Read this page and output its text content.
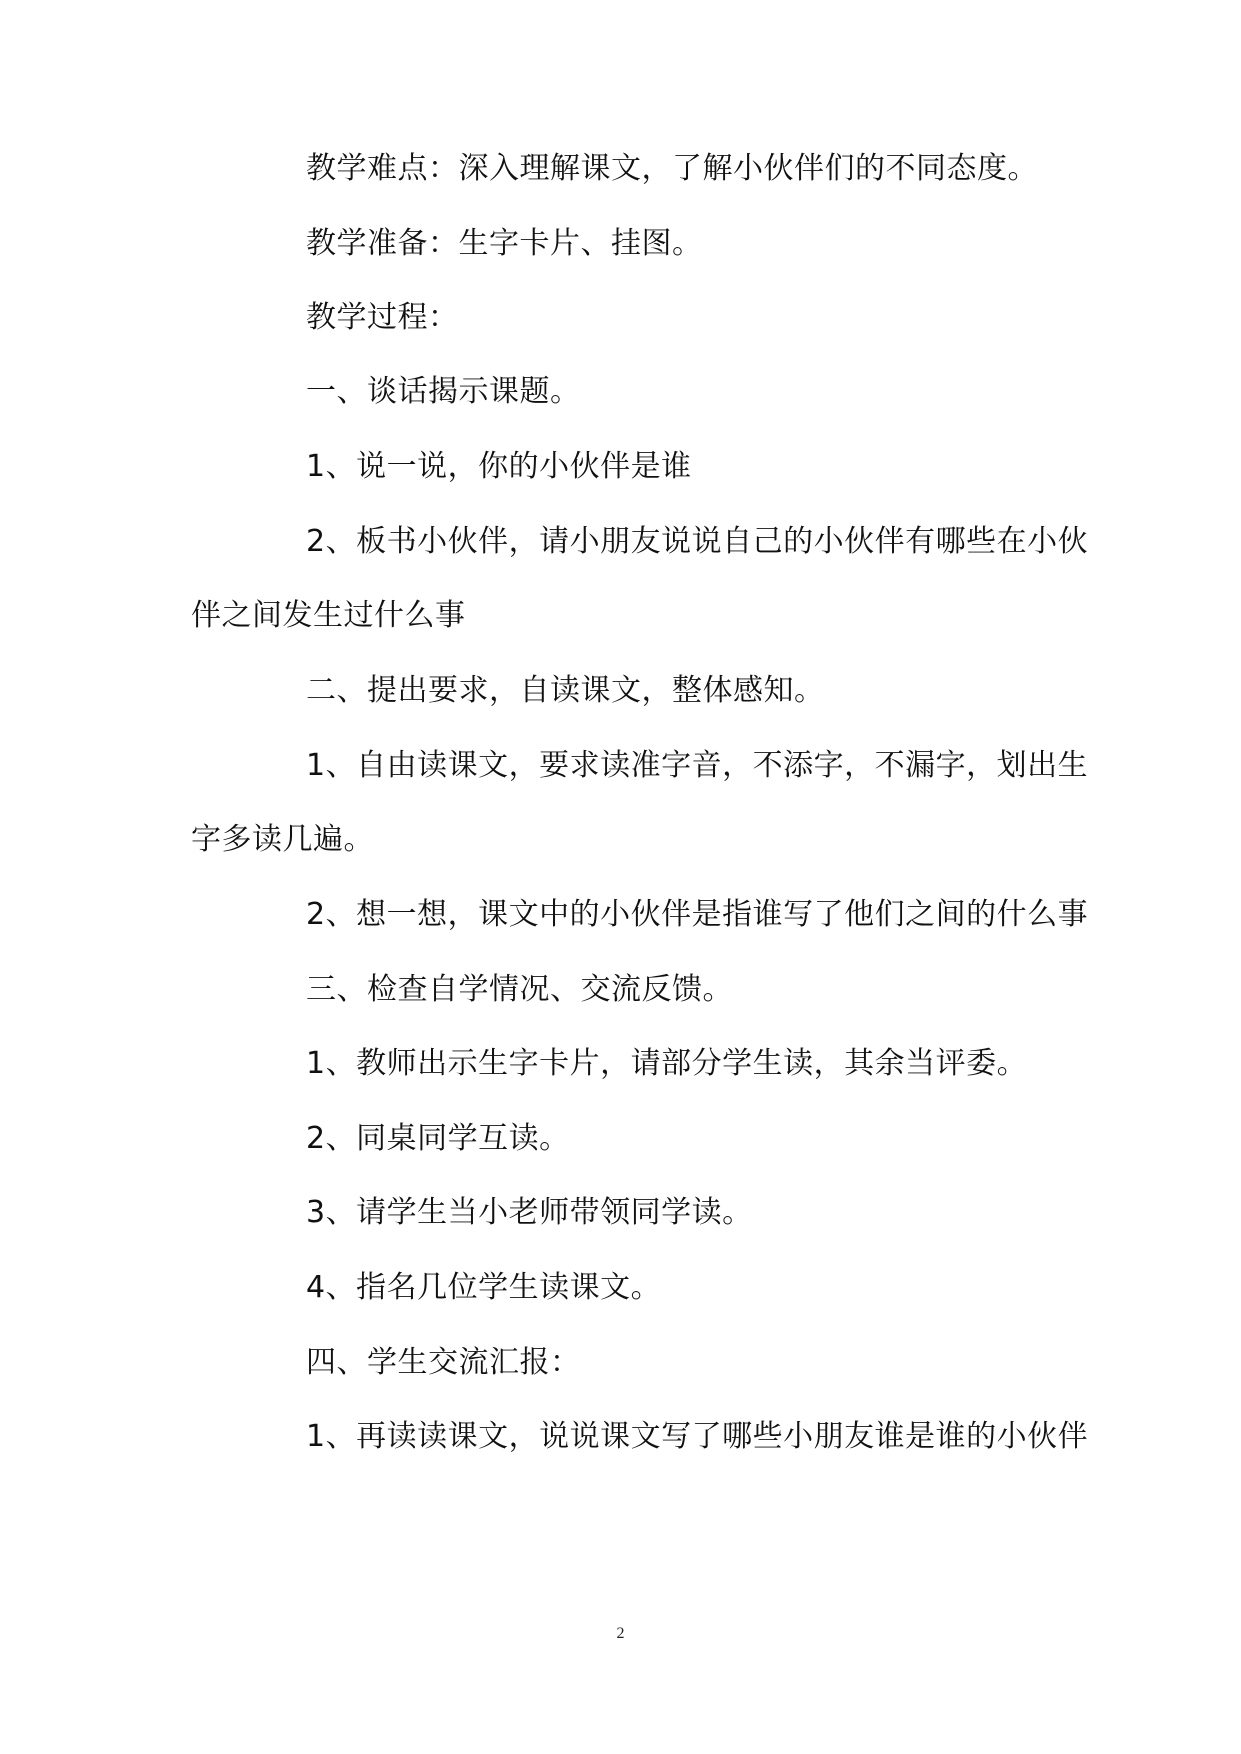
教学难点：深入理解课文，了解小伙伴们的不同态度。
教学准备：生字卡片、挂图。
教学过程：
一、谈话揭示课题。
1、说一说，你的小伙伴是谁
2、板书小伙伴，请小朋友说说自己的小伙伴有哪些在小伙
伴之间发生过什么事
二、提出要求，自读课文，整体感知。
1、自由读课文，要求读准字音，不添字，不漏字，划出生
字多读几遍。
2、想一想，课文中的小伙伴是指谁写了他们之间的什么事
三、检查自学情况、交流反馈。
1、教师出示生字卡片，请部分学生读，其余当评委。
2、同桌同学互读。
3、请学生当小老师带领同学读。
4、指名几位学生读课文。
四、学生交流汇报：
1、再读读课文，说说课文写了哪些小朋友谁是谁的小伙伴
2
